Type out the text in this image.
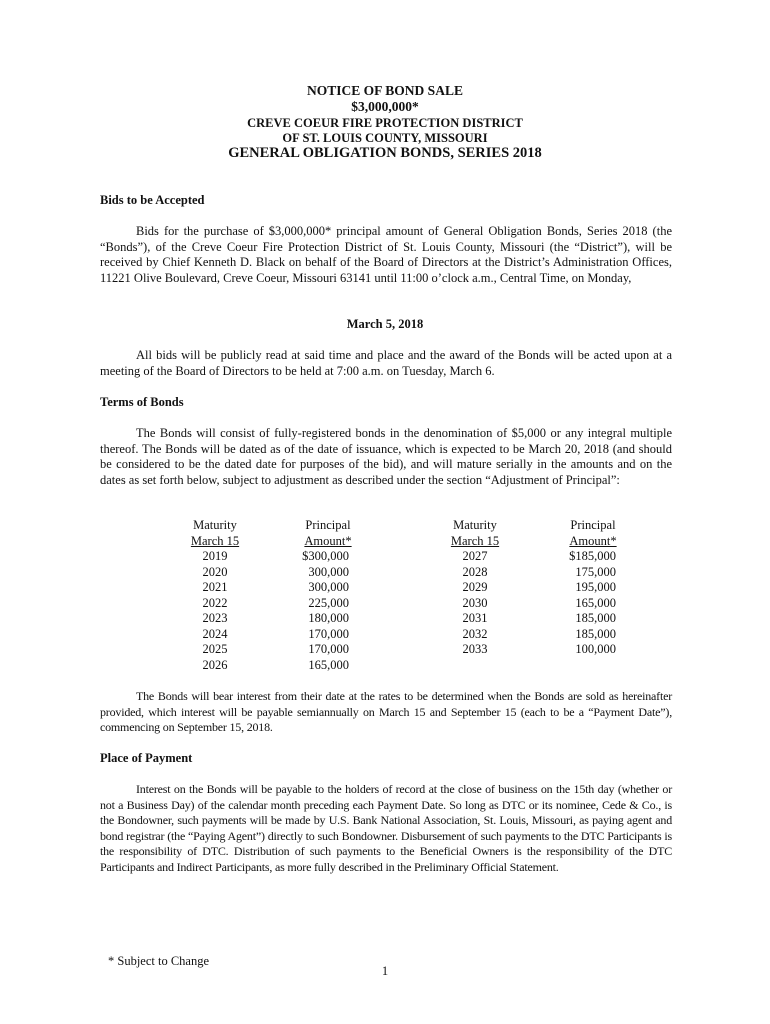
NOTICE OF BOND SALE
$3,000,000*
CREVE COEUR FIRE PROTECTION DISTRICT
OF ST. LOUIS COUNTY, MISSOURI
GENERAL OBLIGATION BONDS, SERIES 2018
Bids to be Accepted
Bids for the purchase of $3,000,000* principal amount of General Obligation Bonds, Series 2018 (the “Bonds”), of the Creve Coeur Fire Protection District of St. Louis County, Missouri (the “District”), will be received by Chief Kenneth D. Black on behalf of the Board of Directors at the District’s Administration Offices, 11221 Olive Boulevard, Creve Coeur, Missouri 63141 until 11:00 o’clock a.m., Central Time, on Monday,
March 5, 2018
All bids will be publicly read at said time and place and the award of the Bonds will be acted upon at a meeting of the Board of Directors to be held at 7:00 a.m. on Tuesday, March 6.
Terms of Bonds
The Bonds will consist of fully-registered bonds in the denomination of $5,000 or any integral multiple thereof. The Bonds will be dated as of the date of issuance, which is expected to be March 20, 2018 (and should be considered to be the dated date for purposes of the bid), and will mature serially in the amounts and on the dates as set forth below, subject to adjustment as described under the section “Adjustment of Principal”:
Maturity
March 15
2019
2020
2021
2022
2023
2024
2025
2026
Principal
Amount*
$300,000
300,000
300,000
225,000
180,000
170,000
170,000
165,000
Maturity
March 15
2027
2028
2029
2030
2031
2032
2033
Principal
Amount*
$185,000
175,000
195,000
165,000
185,000
185,000
100,000
The Bonds will bear interest from their date at the rates to be determined when the Bonds are sold as hereinafter provided, which interest will be payable semiannually on March 15 and September 15 (each to be a “Payment Date”), commencing on September 15, 2018.
Place of Payment
Interest on the Bonds will be payable to the holders of record at the close of business on the 15th day (whether or not a Business Day) of the calendar month preceding each Payment Date. So long as DTC or its nominee, Cede & Co., is the Bondowner, such payments will be made by U.S. Bank National Association, St. Louis, Missouri, as paying agent and bond registrar (the “Paying Agent”) directly to such Bondowner. Disbursement of such payments to the DTC Participants is the responsibility of DTC. Distribution of such payments to the Beneficial Owners is the responsibility of the DTC Participants and Indirect Participants, as more fully described in the Preliminary Official Statement.
* Subject to Change
1
